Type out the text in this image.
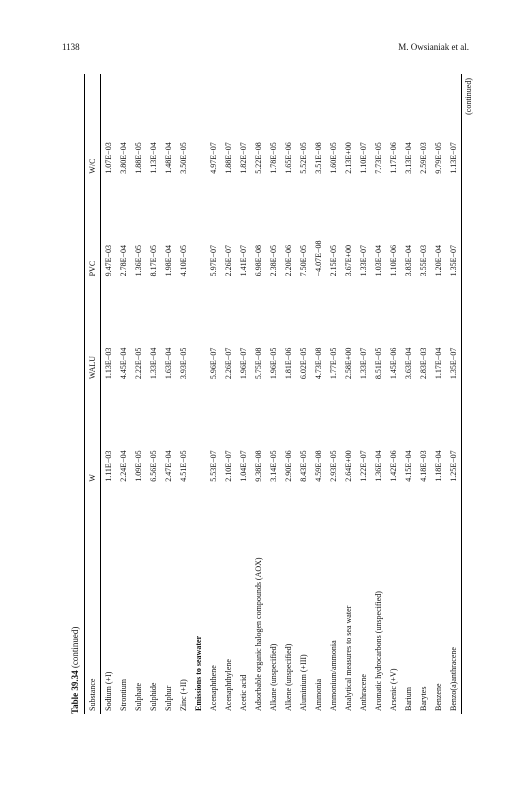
1138	M. Owsianiak et al.
Table 39.34 (continued)
Substance	W	WALU	PVC	W/C
Sodium (+I)	1.11E−03	1.13E−03	9.47E−03	1.07E−03
Strontium	2.24E−04	4.45E−04	2.78E−04	3.80E−04
Sulphate	1.09E−05	2.22E−05	1.36E−05	1.88E−05
Sulphide	6.56E−05	1.33E−04	8.17E−05	1.13E−04
Sulphur	2.47E−04	1.63E−04	1.98E−04	1.48E−04
Zinc (+II)	4.51E−05	3.93E−05	4.10E−05	3.50E−05
Emissions to seawater				
Acenaphthene	5.53E−07	5.96E−07	5.97E−07	4.97E−07
Acenaphthylene	2.10E−07	2.26E−07	2.26E−07	1.88E−07
Acetic acid	1.04E−07	1.96E−07	1.41E−07	1.82E−07
Adsorbable organic halogen compounds (AOX)	9.38E−08	5.75E−08	6.98E−08	5.22E−08
Alkane (unspecified)	3.14E−05	1.96E−05	2.38E−05	1.78E−05
Alkene (unspecified)	2.90E−06	1.81E−06	2.20E−06	1.65E−06
Aluminium (+III)	8.43E−05	6.02E−05	7.50E−05	5.52E−05
Ammonia	4.59E−08	4.73E−08	−4.07E−08	3.51E−08
Ammonium/ammonia	2.93E−05	1.77E−05	2.15E−05	1.60E−05
Analytical measures to sea water	2.64E+00	2.58E+00	3.67E+00	2.13E+00
Anthracene	1.22E−07	1.33E−07	1.33E−07	1.10E−07
Aromatic hydrocarbons (unspecified)	1.36E−04	8.51E−05	1.03E−04	7.73E−05
Arsenic (+V)	1.42E−06	1.45E−06	1.10E−06	1.17E−06
Barium	4.15E−04	3.63E−04	3.83E−04	3.13E−04
Barytes	4.18E−03	2.83E−03	3.55E−03	2.59E−03
Benzene	1.18E−04	1.17E−04	1.20E−04	9.79E−05
Benzo(a)anthracene	1.25E−07	1.35E−07	1.35E−07	1.13E−07
(continued)
